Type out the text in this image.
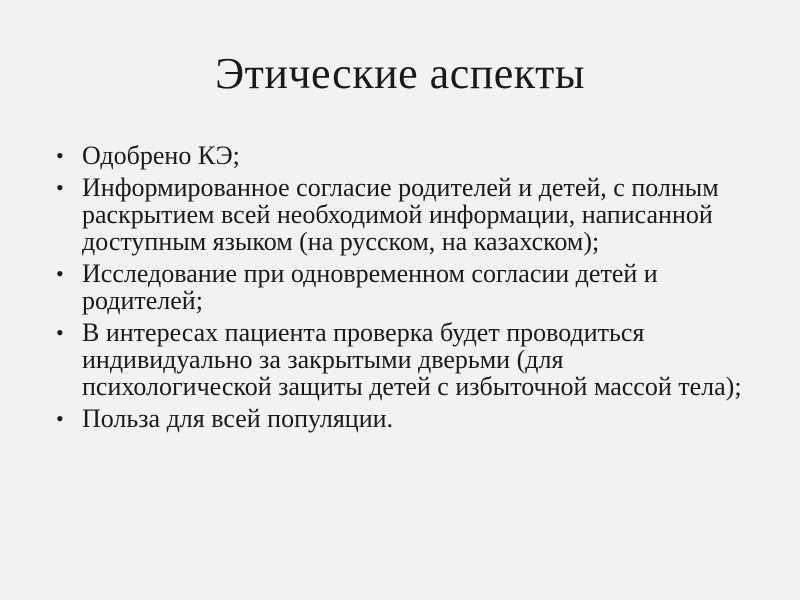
Этические аспекты
• Одобрено КЭ;
• Информированное согласие родителей и детей, с полным раскрытием всей необходимой информации, написанной доступным языком (на русском, на казахском);
• Исследование при одновременном согласии детей и родителей;
• В интересах пациента проверка будет проводиться индивидуально за закрытыми дверьми (для психологической защиты детей с избыточной массой тела);
• Польза для всей популяции.
